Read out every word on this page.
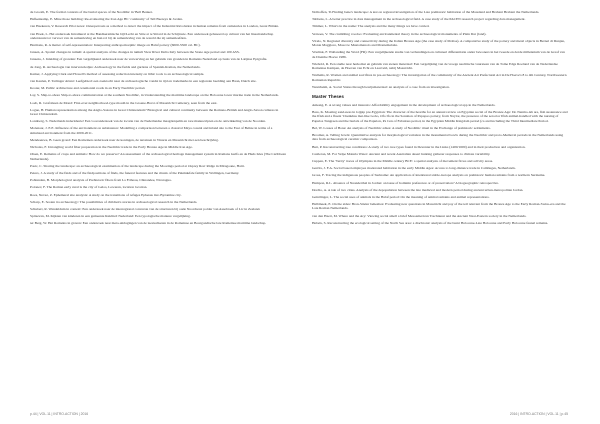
de Grooth, E. The formal contexts of the burial spaces of the Neolithic in 'Bell Beaker.

Hafkenkamp, E. Mine those building: Re-evaluating the Iron Age HC 'continuity' of Tell Ekereya & Jordan.

van Heekeren, V. Research Pilot notes: Osteopetrosis as a method to detect the impact of the Industrial Revolution in human remains from cemeteries in London, Great Britain.

van Hoek, L. Het onderzoek Intramural at the Bandkeramische bijl/Lecht en Sitte at te Sittard in de Schijnwie. Een ondersoek gebaseerd op cultuur van het lineairandschap ondersteunt tot vervoer van de samenleving en hun rol bij de samenleving van de wereld die zij samenleefden.

Hermans, R. A matter of self-representation: Interpreting anthropomorphic image on Halaf pottery (6000-5500 cal. BC).

Jansen, A. Spatial changes in tumuli: A spatial analysis of the changes in tumuli View River Delta Italy between the Stone Age period and 100 ASS.

Jansens, J. Inleiding of gronden: Een vergelijkend onderzoek naar de verwerving en het gebruik van gronden in Romeins Nederland op basis van de Latijnse Epigrafie.

de Jong, R. Archeologie van intervenciedjes: Archaeology in the fields and gardens of Spanish-Roman, the Netherlands.

Kamer, J. Applying Clark and Howell's method of assessing reduction intensity on lithic tools to an archaeological sample.

van Keulen, P. Tarlinger Atlant: Leefgebied: een zoektocht naar de archaeologische vondst in tijd en trademarks in een regionale beelding aan Haan, Dutch site.

Koster, M. Public architecture and ceremonial roads in an Early Neolithic period.

Lay, S. Ship-to-shore Ship-to-shore communication at the southern Neolithic, in Understanding the maritime landscape on the Holocene lower marine trade in the Netherlands.

Loeb, R. Grafolieen de Mond: First-ever neighborhood-type mouth in the Groene-Horst of Maastricht Cemetery, seen from the east.

Logue, H. Human representation among the Anglo-Saxons in Great Christendom? Biological and cultural continuity between the Romano-British and Anglo-Saxon cultures in Great Christendom.

Lonnberg, S. Nederlands indeckberte! Een vooronderzoek van de locatie van de Nederlandse maagdenpalm en rare manuscripten en de ontwikkeling van de Noorden.

Molenaar, J. E.E. Influence of the environment on subsistence: Modelling a comparison between a classical Maya coastal and inland site to the East of Belize in terms of a simulated environment from the 2009-2011.

Mendeeuwe, B. Geen grond: Een Romeinen onderzoek naar de koningen, de terreinen in Vinaria en Maastricht met een beschrijving.

Nicholas, F. Untangling world fiber preparation in the Neolithic trade in the Early Bronze Age in Middle Iron Age.

Olsen, E. Remains of crops and animals: How do we preserve? An assessment of the archaeological heritage management system in Romans Gulfs en de Huds Isles (The Caribbean Netherlands).

Pasic, C. Sharing the landscape: an archaeological examination of the landscape during the Moorings period at Osprey Rorr Ridge in Miragoane, Haiti.

Peters, J. A study of the finds and of the findpositions of finds, the funeral features and the rituals of the Pakmakfale family in Wallingen, Germany.

Pohlanden, B. Morphological analysis of Prehistoric fibers from La Fribeau, Chinandee, Nicaragua.

Polonev, F. The Roman early rural is the city of Gelos, Loweren, location location.

Roes, Nevez, Z. Ephemeral site analysis: A study on the transitions of refuges Ephesus into Byzantine city.

Scharp, E. Sosten tra archaeology: The possibilities of children's stories in archaeological research in the Netherlands.

Schubert, R. Wandelduin in context: Een onderzoek naar de interregional conversie van de structuren bij oude Noordwest polder van Assebroek of Lic in Zeeland.

Spitsevan, M. Kijkten van kinderen in een gemeente Reklind: Nederland: Een typologische maniere vergelijking.

ter Berg, W. Het Romeins in graven: Een onderzoek naar meta-uitdagingen van de leeuwriketen in de Romeinse en Bourgondische late Romeinse maritime landschap.

Nolhoffen, Tt.Finding bene's landscape: A test on regional investigation of the Late prehistoric habitation of the Maasland and Brabant Brabant the Netherlands.

Tabbens, L. A better practice in data management in the archaeological field. A case study of the PACEN research project regarding data management.

Timmer, L. What's in the name: The analysis and the many things we have carried.

Vernoes, V. The crumbling voodoo: Evaluating environmental theory in the archaeological monuments of Plain Dar (land).

Vlrelo, N. Regional diversity and connectivity during the Italian Bronze Age (the case study of Molise). A comparative study of the pottery and metal objects in Bernal di Dunjan, Monte Maggiore, Moscow Mustomanolo and Montemalatte.

Vrielink, F. Wallanding the Word (FR): Een vergelijkende studie van verbandingen en cultureel differentiatie onder bewoners in het tweede en derde millennium van de Graaf van de Drenthe Hoeve 1986.

Wiebold, R. Een studie naar herkomst en gebruik van stenen materiaal: Een vergelijking van de vroege neolitische vuursteen van de Tome Edge Roeland van de Nederlandse Romeinse Kampen, de Hoeven van Echt en Laarveld, nabij Maastricht.

Wullems, R. Women and animal sacrifices in pre-archaeology: The investigation of the community of the Ancient Art Prefectural Art in De Hoeve's 8 to 4th Century, Northwestern Romanian Republic.

Westrheim, A. Social Status through bewijsmateriaal: an analysis of a case from an investigation.

Master Theses

Ankang, E. A wrong values and interests: Affordability engagement in the development of archaeological app in the Netherlands.

Bass, K. Moeting sand-ness in Gijpip pre-Egyptian: The character of the hearths for an annual review on Egyptian social of the Bronze Age: Do Nenmo-ish are, fish sustenance and the Ifish and a fluent 'Chenkhas mat-like Gobo, Ofo Ifo in the Sonahon of Papapao pottery, from Naylor, the presence of the seroctor Ifish animal-handled with the nursing of Papulos Tungreen and the burials of the Papulon, Pa Cen of Fabulous period, in the Egyptian Middle Kingdom period (ca and including the Third Intermediate Period.

Bel, W. Losses of Bone: An analysis of Neolithic adzes: A study of Neolithic ritual in the Exchange of prehistoric settlements.

Brosmar, A. Telling bowls: Quantitative analysis for morphological variation in the monumental bowls during the Neolithic and proto-Medieval periods in the Netherlands using data from archaeological ceramic comparison.

Butt, P. Reconstructing tree conditions: A study of two tree types found in Deventer in the Links (1400/1600) and in their production and organization.

Castleton, M. For Velpe Malaria Water: Ancient and recent Australian desert hunting gatherer responses to climate variability.

Cuppen, E. The 'Vertty' traces of Olympias in the Middle century BCE: a spatial analysis of movement flows and activity areas.

Gerrits, J. F.A. Social based employee moderated habitation in the early Middle Ages: Access to long-distance trade in Cambuges, Netherlands.

Gross, F. Tracing the indigenous peoples of Suriname: An application of intentional stable-isotope analysis on prehistoric human remains from a northern Suriname.

Hampon, R.L. Absence of Neanderthal in Jordan: an issue of hominin preference or of preservation? A biogeographic retrospective.

Dordio, A. A tale of two cities. Analysis of the depopulation between the late medieval and modern period during ancient urban-metropolitan Jordan.

Geintlinger, L. The social uses of animals in the Halaf period: On the meaning of animal remains and animal representations.

Halbmeek, E. On the sides: Bron-Stieler behealtes: Evaluating new questions in Maastricht and pay of the teil relevant from the Bronze Age to the Early Roman-Swiss-era and the Late Roman Netherlands.

van den Haert, M. Where and the Ary: Viewing social smell a brief Mesoamerican Trechnieur and the Ancient Near-Eastern society in the Netherlands.

Hebels, S. Reconstructing the ecological setting of the North Sea area: a diachronic analysis of the burnt Holocene-Late Holocene and Early Holocene faunal remains.

p.44 | VOL.11 | INTRO-ACTION | 2016	2016 | INTRO-ACTION | VOL.11 | p.45
